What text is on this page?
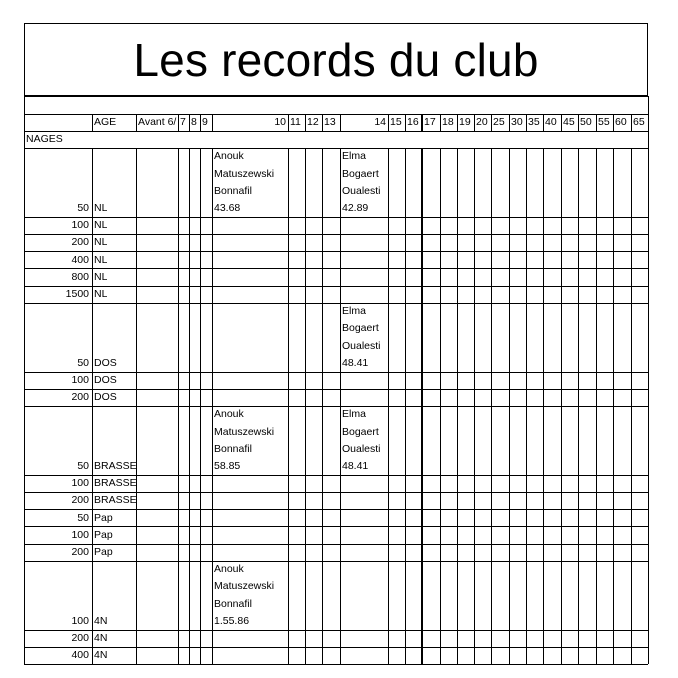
Les records du club
AGE
NAGES
Avant 6/ 7 8 9	10 11 12 13	14 15 16 17 18 19 20 25 30 35 40 45 50 55 60 65
50 NL
Anouk
Matuszewski
Bonnafil
43.68
Elma
Bogaert
Oualesti
42.89
100 NL
200 NL
400 NL
800 NL
1500 NL
50 DOS
Elma
Bogaert
Oualesti
48.41
100 DOS
200 DOS
50 BRASSE
Anouk
Matuszewski
Bonnafil
58.85
Elma
Bogaert
Oualesti
48.41
100 BRASSE
200 BRASSE
50 Pap
100 Pap
200 Pap
100 4N
Anouk
Matuszewski
Bonnafil
1.55.86
200 4N
400 4N
